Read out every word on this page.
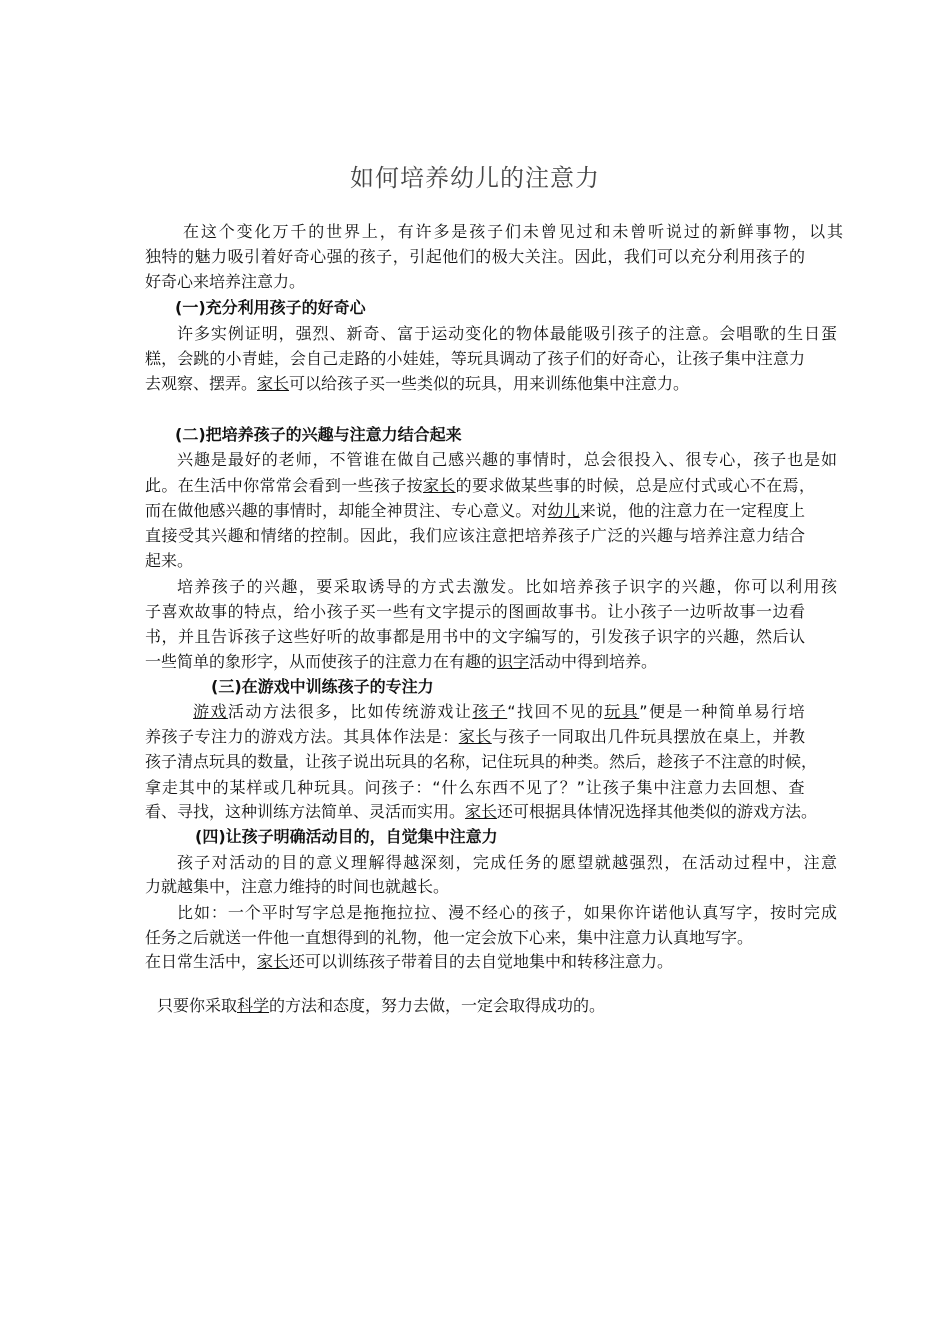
如何培养幼儿的注意力
在这个变化万千的世界上，有许多是孩子们未曾见过和未曾听说过的新鲜事物，以其
独特的魅力吸引着好奇心强的孩子，引起他们的极大关注。因此，我们可以充分利用孩子的
好奇心来培养注意力。
(一)充分利用孩子的好奇心
许多实例证明，强烈、新奇、富于运动变化的物体最能吸引孩子的注意。会唱歌的生日蛋
糕，会跳的小青蛙，会自己走路的小娃娃，等玩具调动了孩子们的好奇心，让孩子集中注意力
去观察、摆弄。家长可以给孩子买一些类似的玩具，用来训练他集中注意力。
(二)把培养孩子的兴趣与注意力结合起来
兴趣是最好的老师，不管谁在做自己感兴趣的事情时，总会很投入、很专心，孩子也是如
此。在生活中你常常会看到一些孩子按家长的要求做某些事的时候，总是应付式或心不在焉，
而在做他感兴趣的事情时，却能全神贯注、专心意义。对幼儿来说，他的注意力在一定程度上
直接受其兴趣和情绪的控制。因此，我们应该注意把培养孩子广泛的兴趣与培养注意力结合
起来。
培养孩子的兴趣，要采取诱导的方式去激发。比如培养孩子识字的兴趣，你可以利用孩
子喜欢故事的特点，给小孩子买一些有文字提示的图画故事书。让小孩子一边听故事一边看
书，并且告诉孩子这些好听的故事都是用书中的文字编写的，引发孩子识字的兴趣，然后认
一些简单的象形字，从而使孩子的注意力在有趣的识字活动中得到培养。
(三)在游戏中训练孩子的专注力
游戏活动方法很多，比如传统游戏让孩子“找回不见的玩具”便是一种简单易行培
养孩子专注力的游戏方法。其具体作法是：家长与孩子一同取出几件玩具摆放在桌上，并教
孩子清点玩具的数量，让孩子说出玩具的名称，记住玩具的种类。然后，趁孩子不注意的时候，
拿走其中的某样或几种玩具。问孩子：“什么东西不见了？”让孩子集中注意力去回想、查
看、寻找，这种训练方法简单、灵活而实用。家长还可根据具体情况选择其他类似的游戏方法。
(四)让孩子明确活动目的，自觉集中注意力
孩子对活动的目的意义理解得越深刻，完成任务的愿望就越强烈，在活动过程中，注意
力就越集中，注意力维持的时间也就越长。
比如：一个平时写字总是拖拖拉拉、漫不经心的孩子，如果你许诺他认真写字，按时完成
任务之后就送一件他一直想得到的礼物，他一定会放下心来，集中注意力认真地写字。
在日常生活中，家长还可以训练孩子带着目的去自觉地集中和转移注意力。
只要你采取科学的方法和态度，努力去做，一定会取得成功的。
